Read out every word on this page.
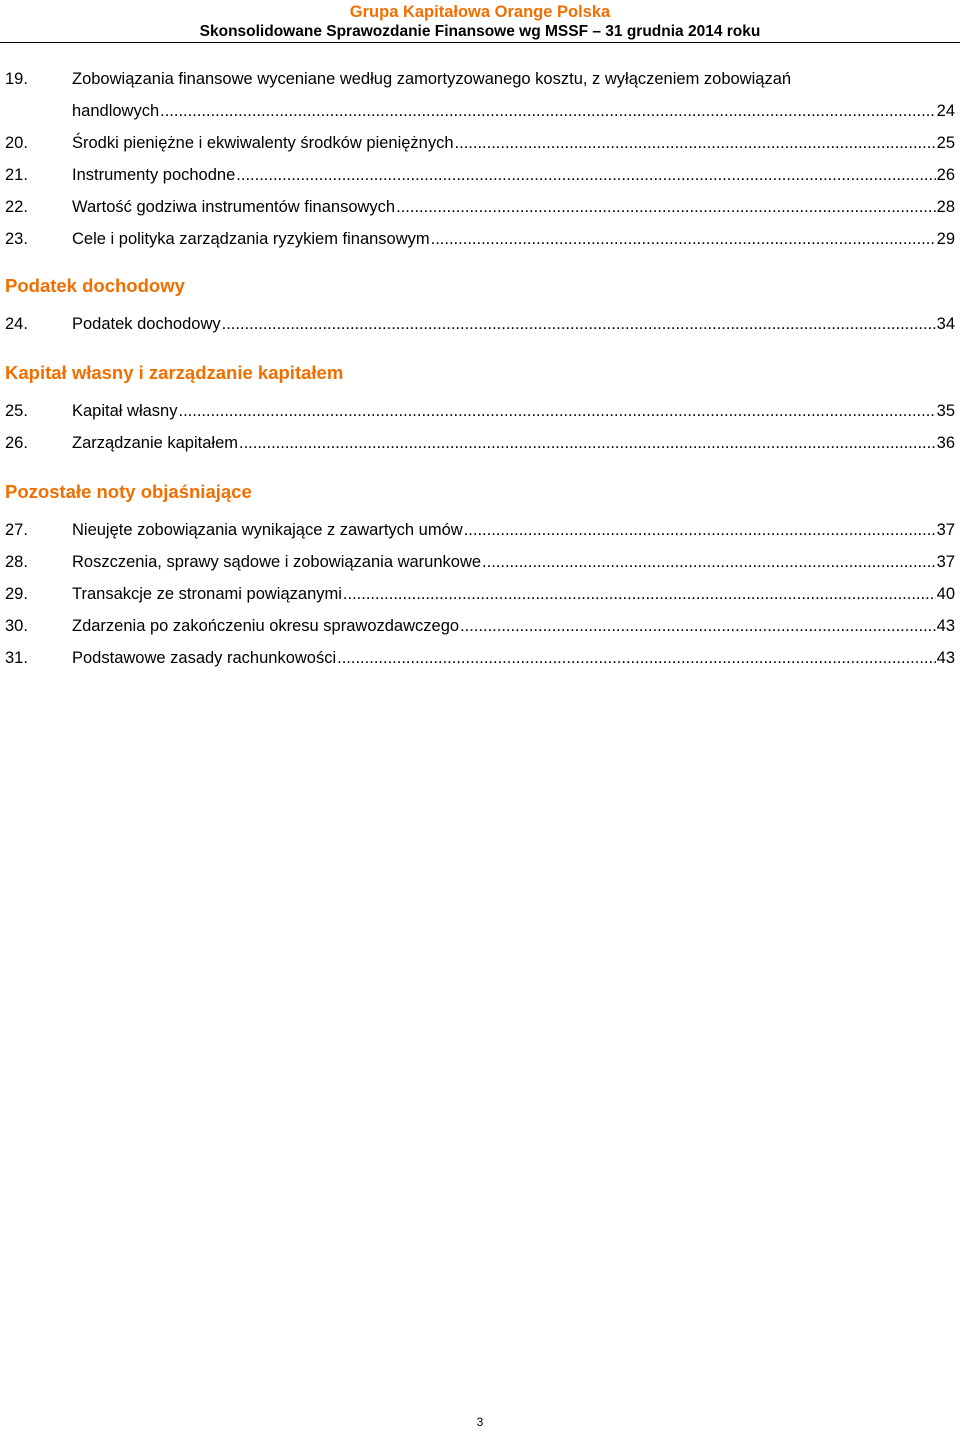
Grupa Kapitałowa Orange Polska
Skonsolidowane Sprawozdanie Finansowe wg MSSF – 31 grudnia 2014 roku
19.	Zobowiązania finansowe wyceniane według zamortyzowanego kosztu, z wyłączeniem zobowiązań
handlowych .....	24
20.	Środki pieniężne i ekwiwalenty środków pieniężnych .....	25
21.	Instrumenty pochodne .....	26
22.	Wartość godziwa instrumentów finansowych .....	28
23.	Cele i polityka zarządzania ryzykiem finansowym .....	29
Podatek dochodowy
24.	Podatek dochodowy .....	34
Kapitał własny i zarządzanie kapitałem
25.	Kapitał własny .....	35
26.	Zarządzanie kapitałem .....	36
Pozostałe noty objaśniające
27.	Nieujęte zobowiązania wynikające z zawartych umów .....	37
28.	Roszczenia, sprawy sądowe i zobowiązania warunkowe .....	37
29.	Transakcje ze stronami powiązanymi .....	40
30.	Zdarzenia po zakończeniu okresu sprawozdawczego .....	43
31.	Podstawowe zasady rachunkowości .....	43
3
